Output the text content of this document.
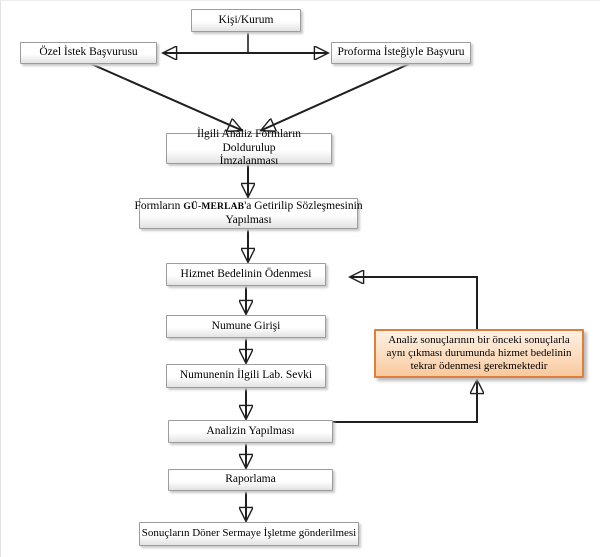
Kişi/Kurum
Özel İstek Başvurusu	Proforma İsteğiyle Başvuru
İlgili Analiz Formların Doldurulup
İmzalanması
Formların GÜ-MERLAB'a Getirilip Sözleşmesinin
Yapılması
Hizmet Bedelinin Ödenmesi
Numune Girişi
Numunenin İlgili Lab. Sevki
Analizin Yapılması
Raporlama
Sonuçların Döner Sermaye İşletme gönderilmesi
Analiz sonuçlarının bir önceki sonuçlarla
aynı çıkması durumunda hizmet bedelinin
tekrar ödenmesi gerekmektedir
